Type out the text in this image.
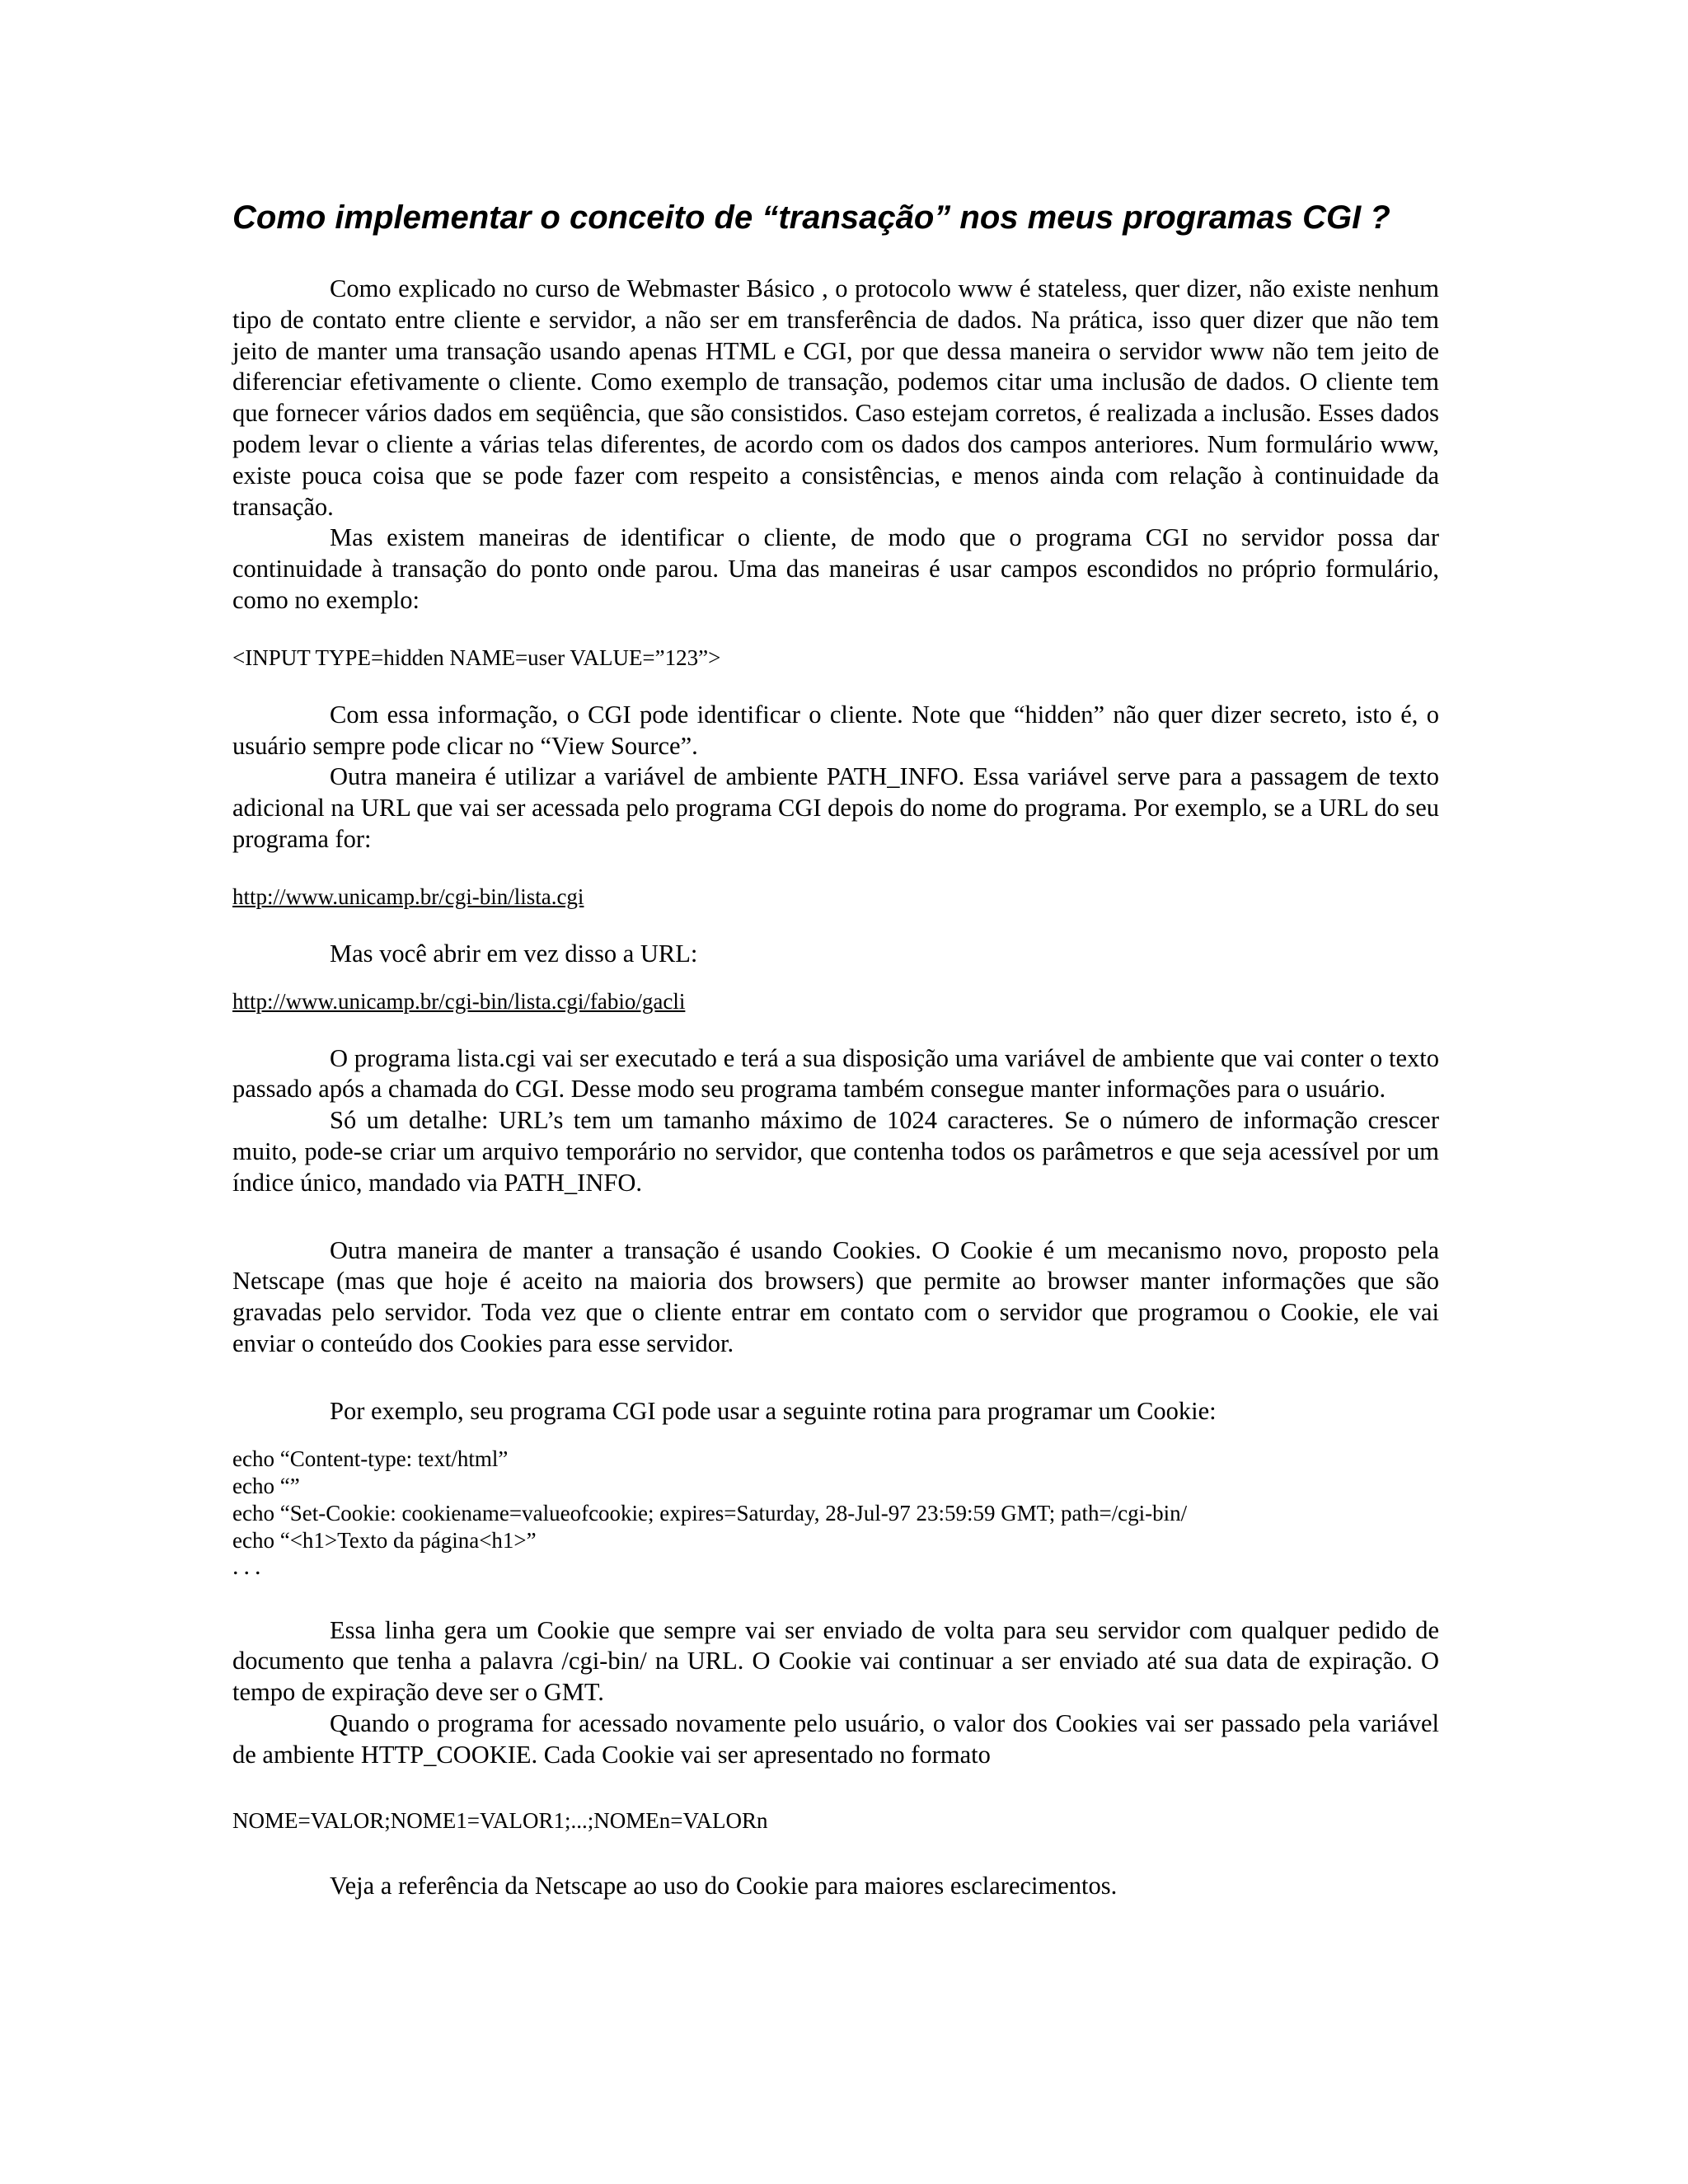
Como implementar o conceito de “transação” nos meus programas CGI ?

Como explicado no curso de Webmaster Básico , o protocolo www é stateless, quer dizer, não existe nenhum tipo de contato entre cliente e servidor, a não ser em transferência de dados. Na prática, isso quer dizer que não tem jeito de manter uma transação usando apenas HTML e CGI, por que dessa maneira o servidor www não tem jeito de diferenciar efetivamente o cliente. Como exemplo de transação, podemos citar uma inclusão de dados. O cliente tem que fornecer vários dados em seqüência, que são consistidos. Caso estejam corretos, é realizada a inclusão. Esses dados podem levar o cliente a várias telas diferentes, de acordo com os dados dos campos anteriores. Num formulário www, existe pouca coisa que se pode fazer com respeito a consistências, e menos ainda com relação à continuidade da transação.

Mas existem maneiras de identificar o cliente, de modo que o programa CGI no servidor possa dar continuidade à transação do ponto onde parou. Uma das maneiras é usar campos escondidos no próprio formulário, como no exemplo:

<INPUT TYPE=hidden NAME=user VALUE=”123”>

Com essa informação, o CGI pode identificar o cliente. Note que “hidden” não quer dizer secreto, isto é, o usuário sempre pode clicar no “View Source”.

Outra maneira é utilizar a variável de ambiente PATH_INFO. Essa variável serve para a passagem de texto adicional na URL que vai ser acessada pelo programa CGI depois do nome do programa. Por exemplo, se a URL do seu programa for:

http://www.unicamp.br/cgi-bin/lista.cgi

Mas você abrir em vez disso a URL:

http://www.unicamp.br/cgi-bin/lista.cgi/fabio/gacli

O programa lista.cgi vai ser executado e terá a sua disposição uma variável de ambiente que vai conter o texto passado após a chamada do CGI. Desse modo seu programa também consegue manter informações para o usuário.

Só um detalhe: URL’s tem um tamanho máximo de 1024 caracteres. Se o número de informação crescer muito, pode-se criar um arquivo temporário no servidor, que contenha todos os parâmetros e que seja acessível por um índice único, mandado via PATH_INFO.

Outra maneira de manter a transação é usando Cookies. O Cookie é um mecanismo novo, proposto pela Netscape (mas que hoje é aceito na maioria dos browsers) que permite ao browser manter informações que são gravadas pelo servidor. Toda vez que o cliente entrar em contato com o servidor que programou o Cookie, ele vai enviar o conteúdo dos Cookies para esse servidor.

Por exemplo, seu programa CGI pode usar a seguinte rotina para programar um Cookie:

echo “Content-type: text/html”

echo “”

echo “Set-Cookie: cookiename=valueofcookie; expires=Saturday, 28-Jul-97 23:59:59 GMT; path=/cgi-bin/

echo “<h1>Texto da página<h1>”

...

Essa linha gera um Cookie que sempre vai ser enviado de volta para seu servidor com qualquer pedido de documento que tenha a palavra /cgi-bin/ na URL. O Cookie vai continuar a ser enviado até sua data de expiração. O tempo de expiração deve ser o GMT.

Quando o programa for acessado novamente pelo usuário, o valor dos Cookies vai ser passado pela variável de ambiente HTTP_COOKIE. Cada Cookie vai ser apresentado no formato

NOME=VALOR;NOME1=VALOR1;...;NOMEn=VALORn

Veja a referência da Netscape ao uso do Cookie para maiores esclarecimentos.
